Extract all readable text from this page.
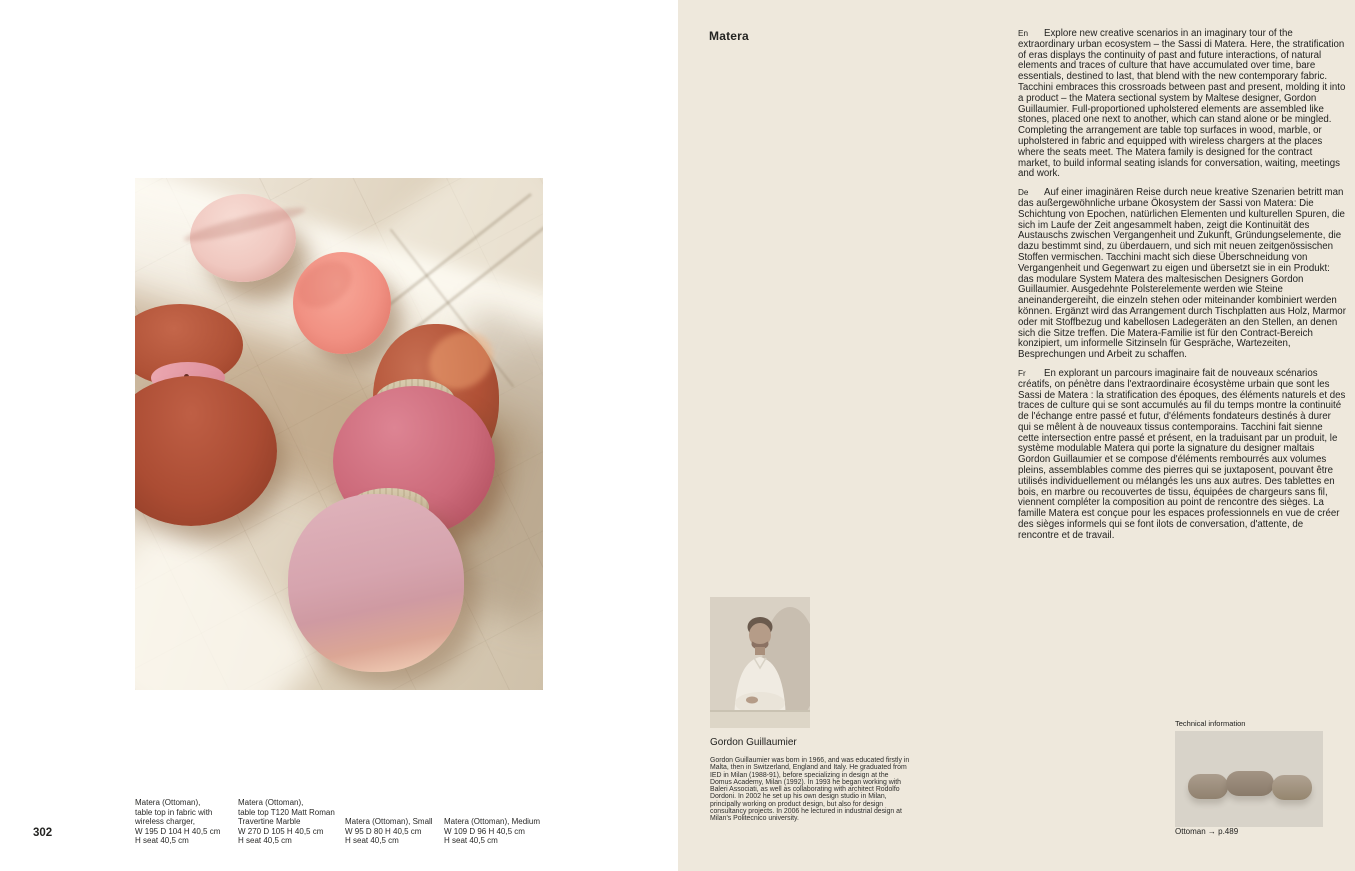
Matera (Ottoman),
table top in fabric with
wireless charger,
W 195 D 104 H 40,5 cm
H seat 40,5 cm
Matera (Ottoman),
table top T120 Matt Roman
Travertine Marble
W 270 D 105 H 40,5 cm
H seat 40,5 cm
Matera (Ottoman), Small
W 95 D 80 H 40,5 cm
H seat 40,5 cm
Matera (Ottoman), Medium
W 109 D 96 H 40,5 cm
H seat 40,5 cm
302
Matera	En Explore new creative scenarios in an imaginary tour of the extraordinary urban ecosystem – the Sassi di Matera. Here, the stratification of eras displays the continuity of past and future interactions, of natural elements and traces of culture that have accumulated over time, bare essentials, destined to last, that blend with the new contemporary fabric. Tacchini embraces this crossroads between past and present, molding it into a product – the Matera sectional system by Maltese designer, Gordon Guillaumier. Full-proportioned upholstered elements are assembled like stones, placed one next to another, which can stand alone or be mingled. Completing the arrangement are table top surfaces in wood, marble, or upholstered in fabric and equipped with wireless chargers at the places where the seats meet. The Matera family is designed for the contract market, to build informal seating islands for conversation, waiting, meetings and work.

De Auf einer imaginären Reise durch neue kreative Szenarien betritt man das außergewöhnliche urbane Ökosystem der Sassi von Matera: Die Schichtung von Epochen, natürlichen Elementen und kulturellen Spuren, die sich im Laufe der Zeit angesammelt haben, zeigt die Kontinuität des Austauschs zwischen Vergangenheit und Zukunft, Gründungselemente, die dazu bestimmt sind, zu überdauern, und sich mit neuen zeitgenössischen Stoffen vermischen. Tacchini macht sich diese Überschneidung von Vergangenheit und Gegenwart zu eigen und übersetzt sie in ein Produkt: das modulare System Matera des maltesischen Designers Gordon Guillaumier. Ausgedehnte Polsterelemente werden wie Steine aneinandergereiht, die einzeln stehen oder miteinander kombiniert werden können. Ergänzt wird das Arrangement durch Tischplatten aus Holz, Marmor oder mit Stoffbezug und kabellosen Ladegeräten an den Stellen, an denen sich die Sitze treffen. Die Matera-Familie ist für den Contract-Bereich konzipiert, um informelle Sitzinseln für Gespräche, Wartezeiten, Besprechungen und Arbeit zu schaffen.

Fr En explorant un parcours imaginaire fait de nouveaux scénarios créatifs, on pénètre dans l'extraordinaire écosystème urbain que sont les Sassi de Matera : la stratification des époques, des éléments naturels et des traces de culture qui se sont accumulés au fil du temps montre la continuité de l'échange entre passé et futur, d'éléments fondateurs destinés à durer qui se mêlent à de nouveaux tissus contemporains. Tacchini fait sienne cette intersection entre passé et présent, en la traduisant par un produit, le système modulable Matera qui porte la signature du designer maltais Gordon Guillaumier et se compose d'éléments rembourrés aux volumes pleins, assemblables comme des pierres qui se juxtaposent, pouvant être utilisés individuellement ou mélangés les uns aux autres. Des tablettes en bois, en marbre ou recouvertes de tissu, équipées de chargeurs sans fil, viennent compléter la composition au point de rencontre des sièges. La famille Matera est conçue pour les espaces professionnels en vue de créer des sièges informels qui se font ilots de conversation, d'attente, de rencontre et de travail.

Gordon Guillaumier
Gordon Guillaumier was born in 1966, and was educated firstly in Malta, then in Switzerland, England and Italy. He graduated from IED in Milan (1988-91), before specializing in design at the Domus Academy, Milan (1992). In 1993 he began working with Baleri Associati, as well as collaborating with architect Rodolfo Dordoni. In 2002 he set up his own design studio in Milan, principally working on product design, but also for design consultancy projects. In 2006 he lectured in industrial design at Milan's Politecnico university.
Technical information
Ottoman → p.489
